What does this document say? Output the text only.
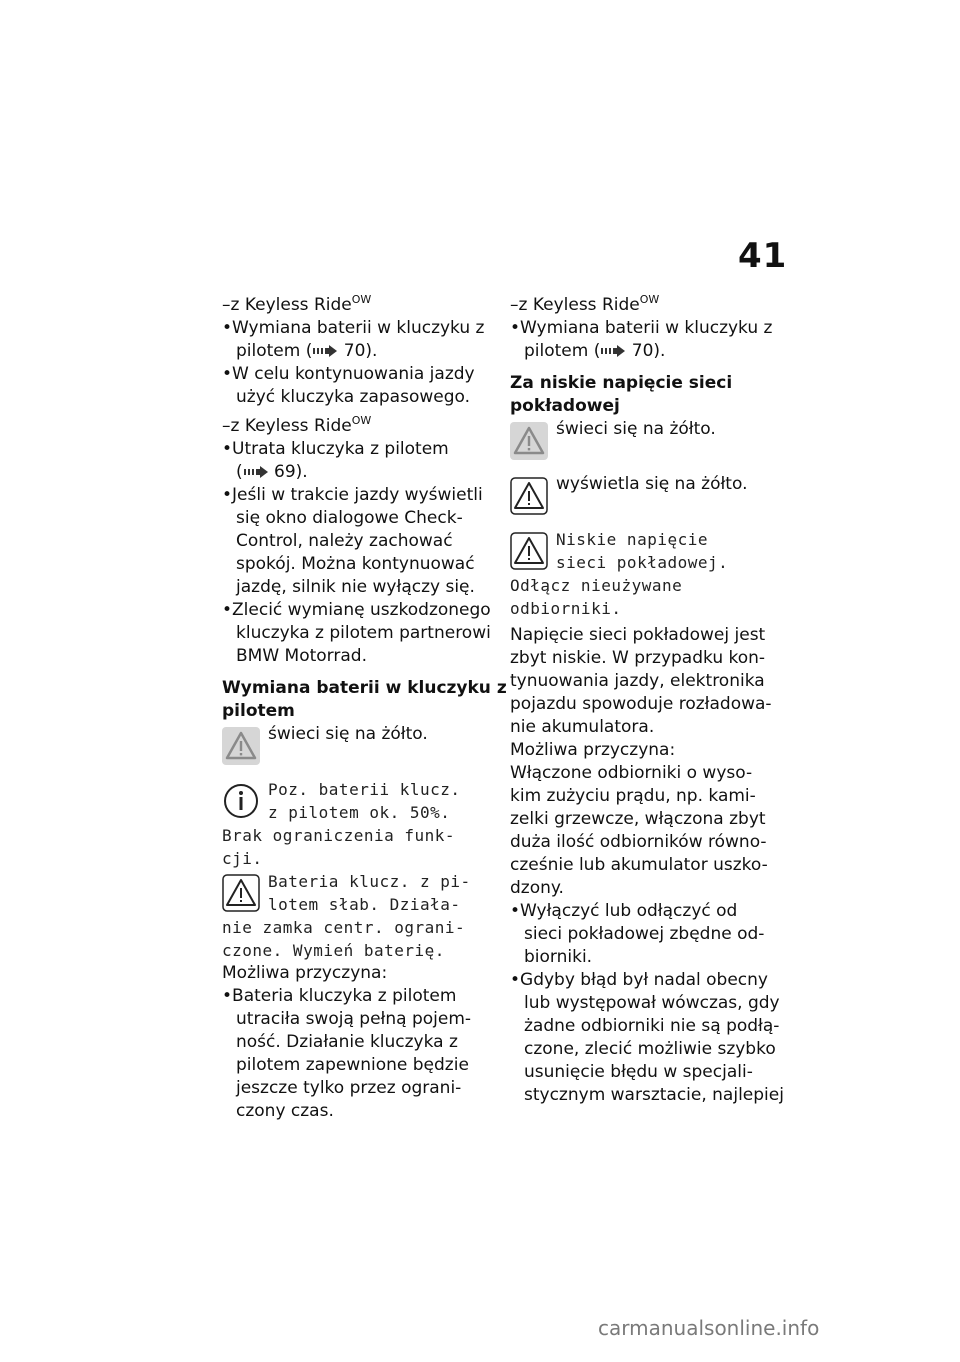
41
–z Keyless Ride$^{OW}$
•Wymiana baterii w kluczyku z
pilotem ( 70).
•W celu kontynuowania jazdy
użyć kluczyka zapasowego.
–z Keyless Ride$^{OW}$
•Utrata kluczyka z pilotem
( 69).
•Jeśli w trakcie jazdy wyświetli
się okno dialogowe Check-
Control, należy zachować
spokój. Można kontynuować
jazdę, silnik nie wyłączy się.
•Zlecić wymianę uszkodzonego
kluczyka z pilotem partnerowi
BMW Motorrad.
Wymiana baterii w kluczyku z
pilotem
świeci się na żółto.
Poz. baterii klucz.
z pilotem ok. 50%.
Brak ograniczenia funk-
cji.
Bateria klucz. z pi-
lotem słab. Działa-
nie zamka centr. ograni-
czone. Wymień baterię.
Możliwa przyczyna:
•Bateria kluczyka z pilotem
utraciła swoją pełną pojem-
ność. Działanie kluczyka z
pilotem zapewnione będzie
jeszcze tylko przez ograni-
czony czas.
–z Keyless Ride$^{OW}$
•Wymiana baterii w kluczyku z
pilotem ( 70).
Za niskie napięcie sieci
pokładowej
świeci się na żółto.
wyświetla się na żółto.
Niskie napięcie
sieci pokładowej.
Odłącz nieużywane
odbiorniki.
Napięcie sieci pokładowej jest
zbyt niskie. W przypadku kon-
tynuowania jazdy, elektronika
pojazdu spowoduje rozładowa-
nie akumulatora.
Możliwa przyczyna:
Włączone odbiorniki o wyso-
kim zużyciu prądu, np. kami-
zelki grzewcze, włączona zbyt
duża ilość odbiorników równo-
cześnie lub akumulator uszko-
dzony.
•Wyłączyć lub odłączyć od
sieci pokładowej zbędne od-
biorniki.
•Gdyby błąd był nadal obecny
lub występował wówczas, gdy
żadne odbiorniki nie są podłą-
czone, zlecić możliwie szybko
usunięcie błędu w specjali-
stycznym warsztacie, najlepiej
carmanualsonline.info
